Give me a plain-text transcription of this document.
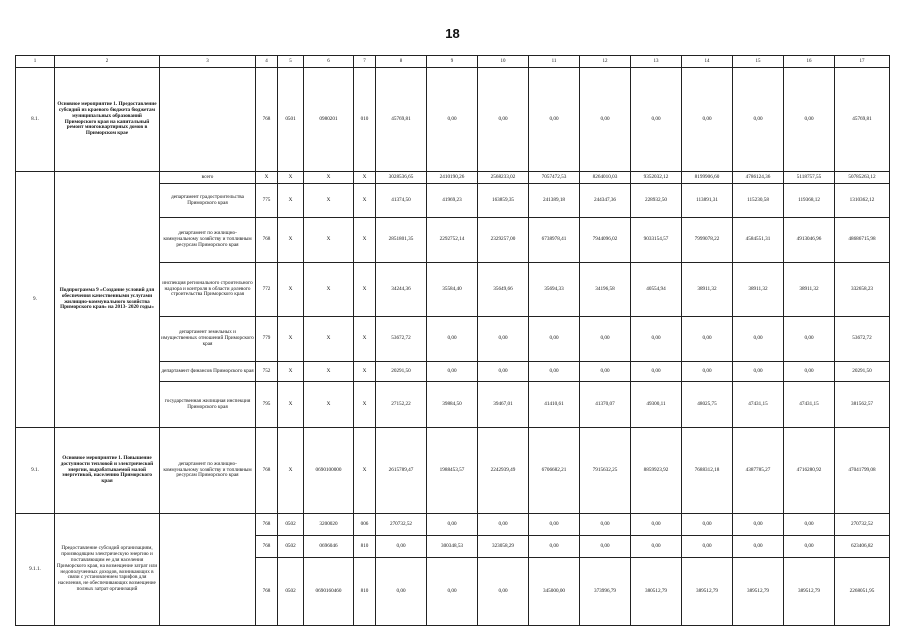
18
1	2	3	4	5	6	7	8	9	10	11	12	13	14	15	16	17
8.1.	Основное мероприятие 1. Предоставление субсидий из краевого бюджета бюджетам муниципальных образований Приморского края на капитальный ремонт многоквартирных домов в Приморском крае		768	0501	0980201	010	45769,81	0,00	0,00	0,00	0,00	0,00	0,00	0,00	0,00	45769,81
9.	Подпрограмма 9 «Создание условий для обеспечения качественными услугами жилищно-коммунального хозяйства Приморского края» на 2013- 2020 годы»	всего	X	X	X	X	3028536,65	2410190,26	2568233,02	7057472,53	8264010,03	9352032,12	8199906,60	4786124,36	5118757,55	50785263,12
		департамент градостроительства Приморского края	775	X	X	X	41374,50	41969,23	163859,35	241389,18	244347,36	228932,50	113891,31	115230,58	119368,12	1310362,12
		департамент по жилищно-коммунальному хозяйству и топливным ресурсам Приморского края	768	X	X	X	2851801,35	2292752,14	2329257,00	6738978,41	7944096,02	9033154,57	7999078,22	4584551,31	4913046,96	48686715,98
		инспекция регионального строительного надзора и контроля в области долевого строительства Приморского края	772	X	X	X	34244,36	35584,40	35649,66	35694,33	34196,58	40554,94	38911,32	38911,32	38911,32	332658,23
		департамент земельных и имущественных отношений Приморского края	779	X	X	X	53672,72	0,00	0,00	0,00	0,00	0,00	0,00	0,00	0,00	53672,72
		департамент финансов Приморского края	752	X	X	X	20291,50	0,00	0,00	0,00	0,00	0,00	0,00	0,00	0,00	20291,50
		государственная жилищная инспекция Приморского края	795	X	X	X	27152,22	39884,50	39467,01	41410,61	41370,07	49300,11	48025,75	47431,15	47431,15	381562,57
9.1.	Основное мероприятие 1. Повышение доступности тепловой и электрической энергии, вырабатываемой малой энергетикой, населению Приморского края	департамент по жилищно-коммунальному хозяйству и топливным ресурсам Приморского края	768	X	0690100000	X	2615789,47	1988453,57	2242939,49	6706682,21	7915632,25	8859923,92	7688312,18	4387785,27	4716280,92	47041799,08
9.1.1.	Предоставление субсидий организациям, производящим электрическую энергию и поставляющим ее для населения Приморского края, на возмещение затрат или недополученных доходов, возникающих в связи с установлением тарифов для населения, не обеспечивающих возмещение полных затрат организаций		768	0502	3200020	006	270732,52	0,00	0,00	0,00	0,00	0,00	0,00	0,00	0,00	270732,52
			768	0502	0696046	810	0,00	300348,53	323058,29	0,00	0,00	0,00	0,00	0,00	0,00	623406,82
			768	0502	0690160460	810	0,00	0,00	0,00	345000,00	373996,79	380512,79	389512,79	389512,79	389512,79	2268051,95
